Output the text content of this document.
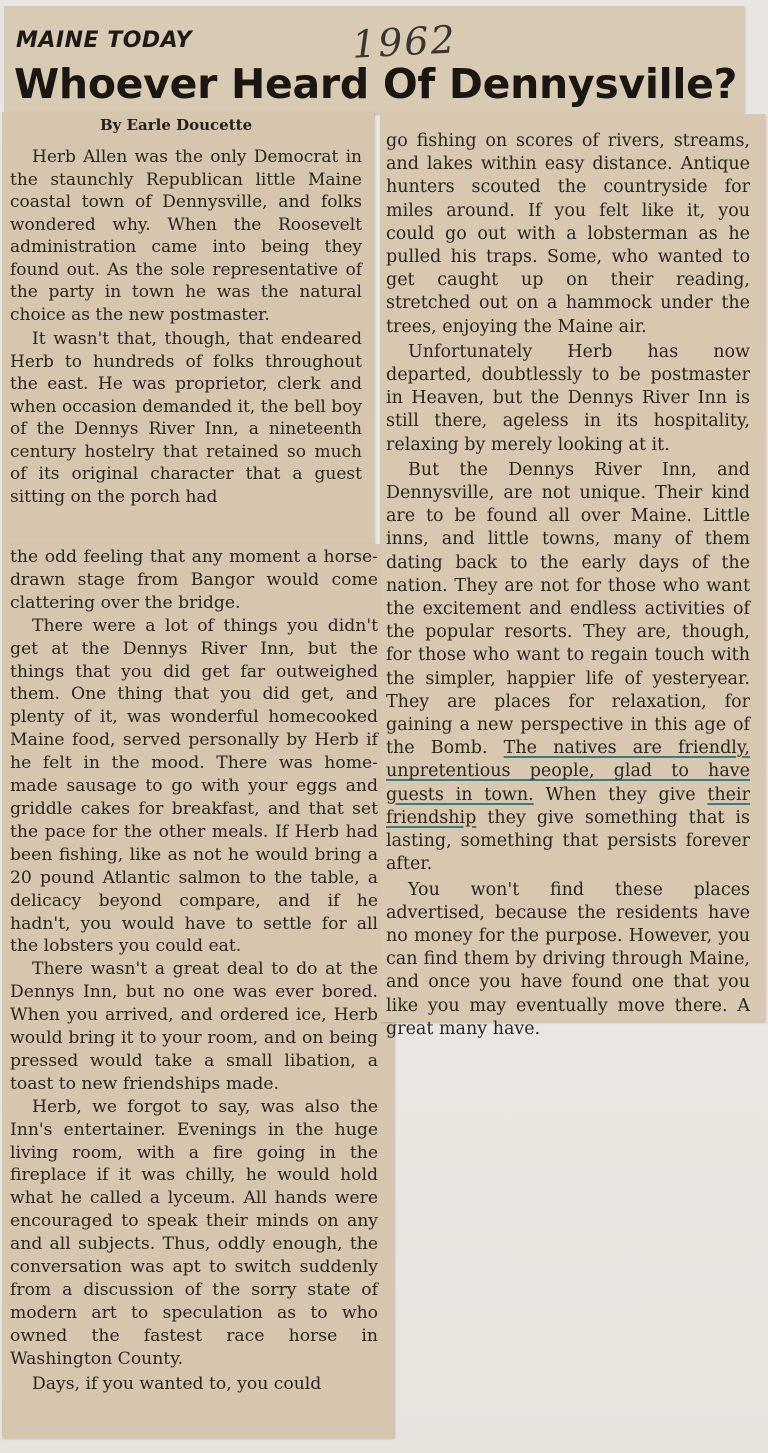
MAINE TODAY	1962
Whoever Heard Of Dennysville?
By Earle Doucette

Herb Allen was the only Democrat in the staunchly Republican little Maine coastal town of Dennysville, and folks wondered why. When the Roosevelt administration came into being they found out. As the sole representative of the party in town he was the natural choice as the new postmaster.

It wasn't that, though, that endeared Herb to hundreds of folks throughout the east. He was proprietor, clerk and when occasion demanded it, the bell boy of the Dennys River Inn, a nineteenth century hostelry that retained so much of its original character that a guest sitting on the porch had

the odd feeling that any moment a horse-drawn stage from Bangor would come clattering over the bridge.

There were a lot of things you didn't get at the Dennys River Inn, but the things that you did get far outweighed them. One thing that you did get, and plenty of it, was wonderful homecooked Maine food, served personally by Herb if he felt in the mood. There was home-made sausage to go with your eggs and griddle cakes for breakfast, and that set the pace for the other meals. If Herb had been fishing, like as not he would bring a 20 pound Atlantic salmon to the table, a delicacy beyond compare, and if he hadn't, you would have to settle for all the lobsters you could eat.

There wasn't a great deal to do at the Dennys Inn, but no one was ever bored. When you arrived, and ordered ice, Herb would bring it to your room, and on being pressed would take a small libation, a toast to new friendships made.

Herb, we forgot to say, was also the Inn's entertainer. Evenings in the huge living room, with a fire going in the fireplace if it was chilly, he would hold what he called a lyceum. All hands were encouraged to speak their minds on any and all subjects. Thus, oddly enough, the conversation was apt to switch suddenly from a discussion of the sorry state of modern art to speculation as to who owned the fastest race horse in Washington County.

Days, if you wanted to, you could

go fishing on scores of rivers, streams, and lakes within easy distance. Antique hunters scouted the countryside for miles around. If you felt like it, you could go out with a lobsterman as he pulled his traps. Some, who wanted to get caught up on their reading, stretched out on a hammock under the trees, enjoying the Maine air.

Unfortunately Herb has now departed, doubtlessly to be postmaster in Heaven, but the Dennys River Inn is still there, ageless in its hospitality, relaxing by merely looking at it.

But the Dennys River Inn, and Dennysville, are not unique. Their kind are to be found all over Maine. Little inns, and little towns, many of them dating back to the early days of the nation. They are not for those who want the excitement and endless activities of the popular resorts. They are, though, for those who want to regain touch with the simpler, happier life of yesteryear. They are places for relaxation, for gaining a new perspective in this age of the Bomb. The natives are friendly, unpretentious people, glad to have guests in town. When they give their friendship they give something that is lasting, something that persists forever after.

You won't find these places advertised, because the residents have no money for the purpose. However, you can find them by driving through Maine, and once you have found one that you like you may eventually move there. A great many have.
